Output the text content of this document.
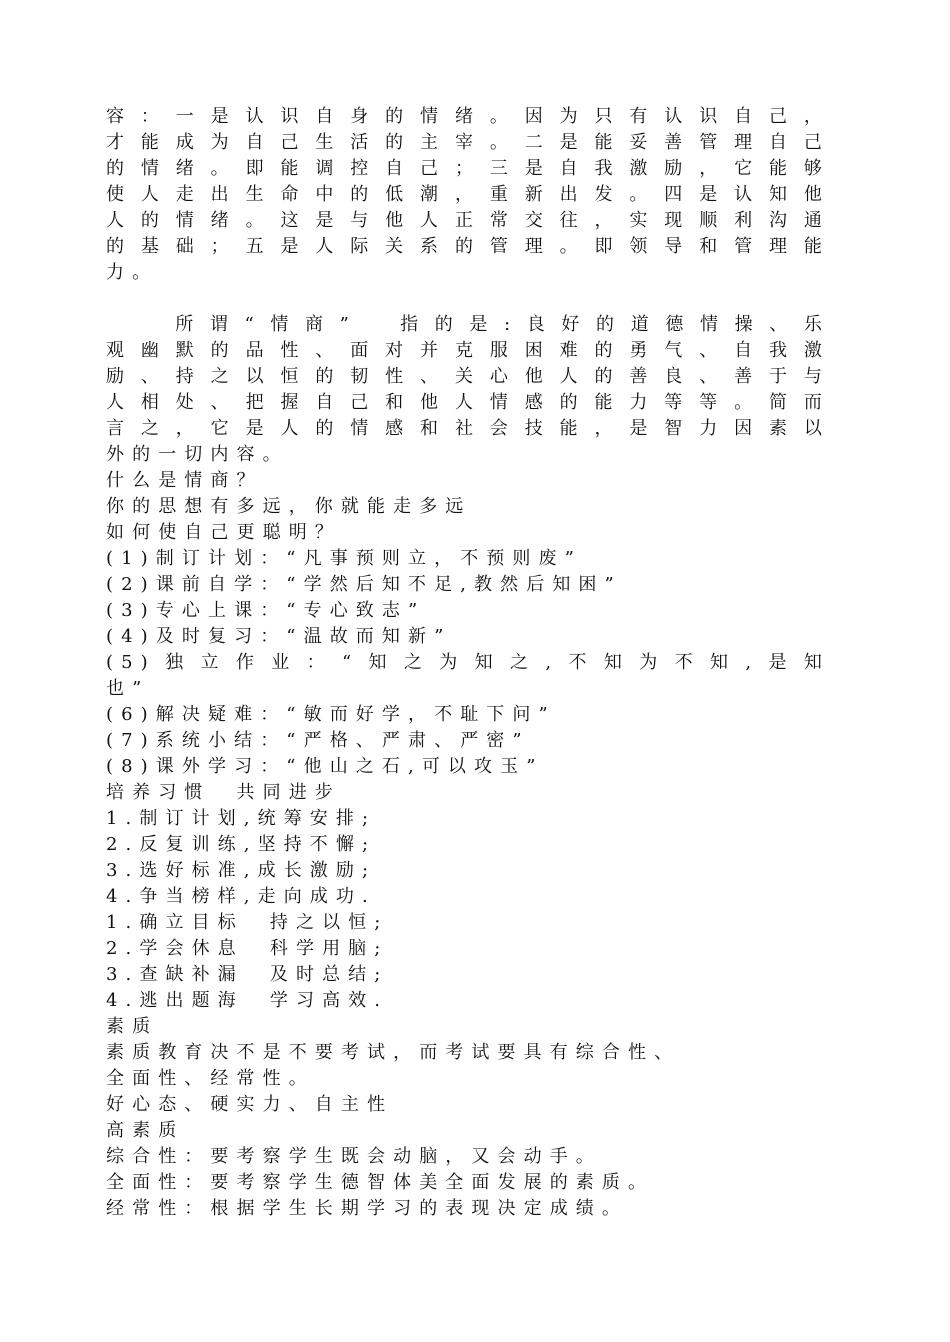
容：一是认识自身的情绪。因为只有认识自己，
才能成为自己生活的主宰。二是能妥善管理自己
的情绪。即能调控自己；三是自我激励，它能够
使人走出生命中的低潮，重新出发。四是认知他
人的情绪。这是与他人正常交往，实现顺利沟通
的基础；五是人际关系的管理。即领导和管理能
力。
　　所谓“情商”　指的是:良好的道德情操、乐
观幽默的品性、面对并克服困难的勇气、自我激
励、持之以恒的韧性、关心他人的善良、善于与
人相处、把握自己和他人情感的能力等等。简而
言之，它是人的情感和社会技能，是智力因素以
外的一切内容。
什么是情商？
你的思想有多远，你就能走多远
如何使自己更聪明？
(1)制订计划：“凡事预则立，不预则废”
(2)课前自学：“学然后知不足,教然后知困”
(3)专心上课：“专心致志”
(4)及时复习：“温故而知新”
(5)独立作业：“知之为知之,不知为不知,是知
也”
(6)解决疑难：“敏而好学，不耻下问”
(7)系统小结：“严格、严肃、严密”
(8)课外学习：“他山之石,可以攻玉”
培养习惯　共同进步
1.制订计划,统筹安排;
2.反复训练,坚持不懈;
3.选好标准,成长激励;
4.争当榜样,走向成功.
1.确立目标　持之以恒;
2.学会休息　科学用脑;
3.查缺补漏　及时总结;
4.逃出题海　学习高效.
素质
素质教育决不是不要考试，而考试要具有综合性、
全面性、经常性。
好心态、硬实力、自主性
高素质
综合性：要考察学生既会动脑，又会动手。
全面性：要考察学生德智体美全面发展的素质。
经常性：根据学生长期学习的表现决定成绩。
